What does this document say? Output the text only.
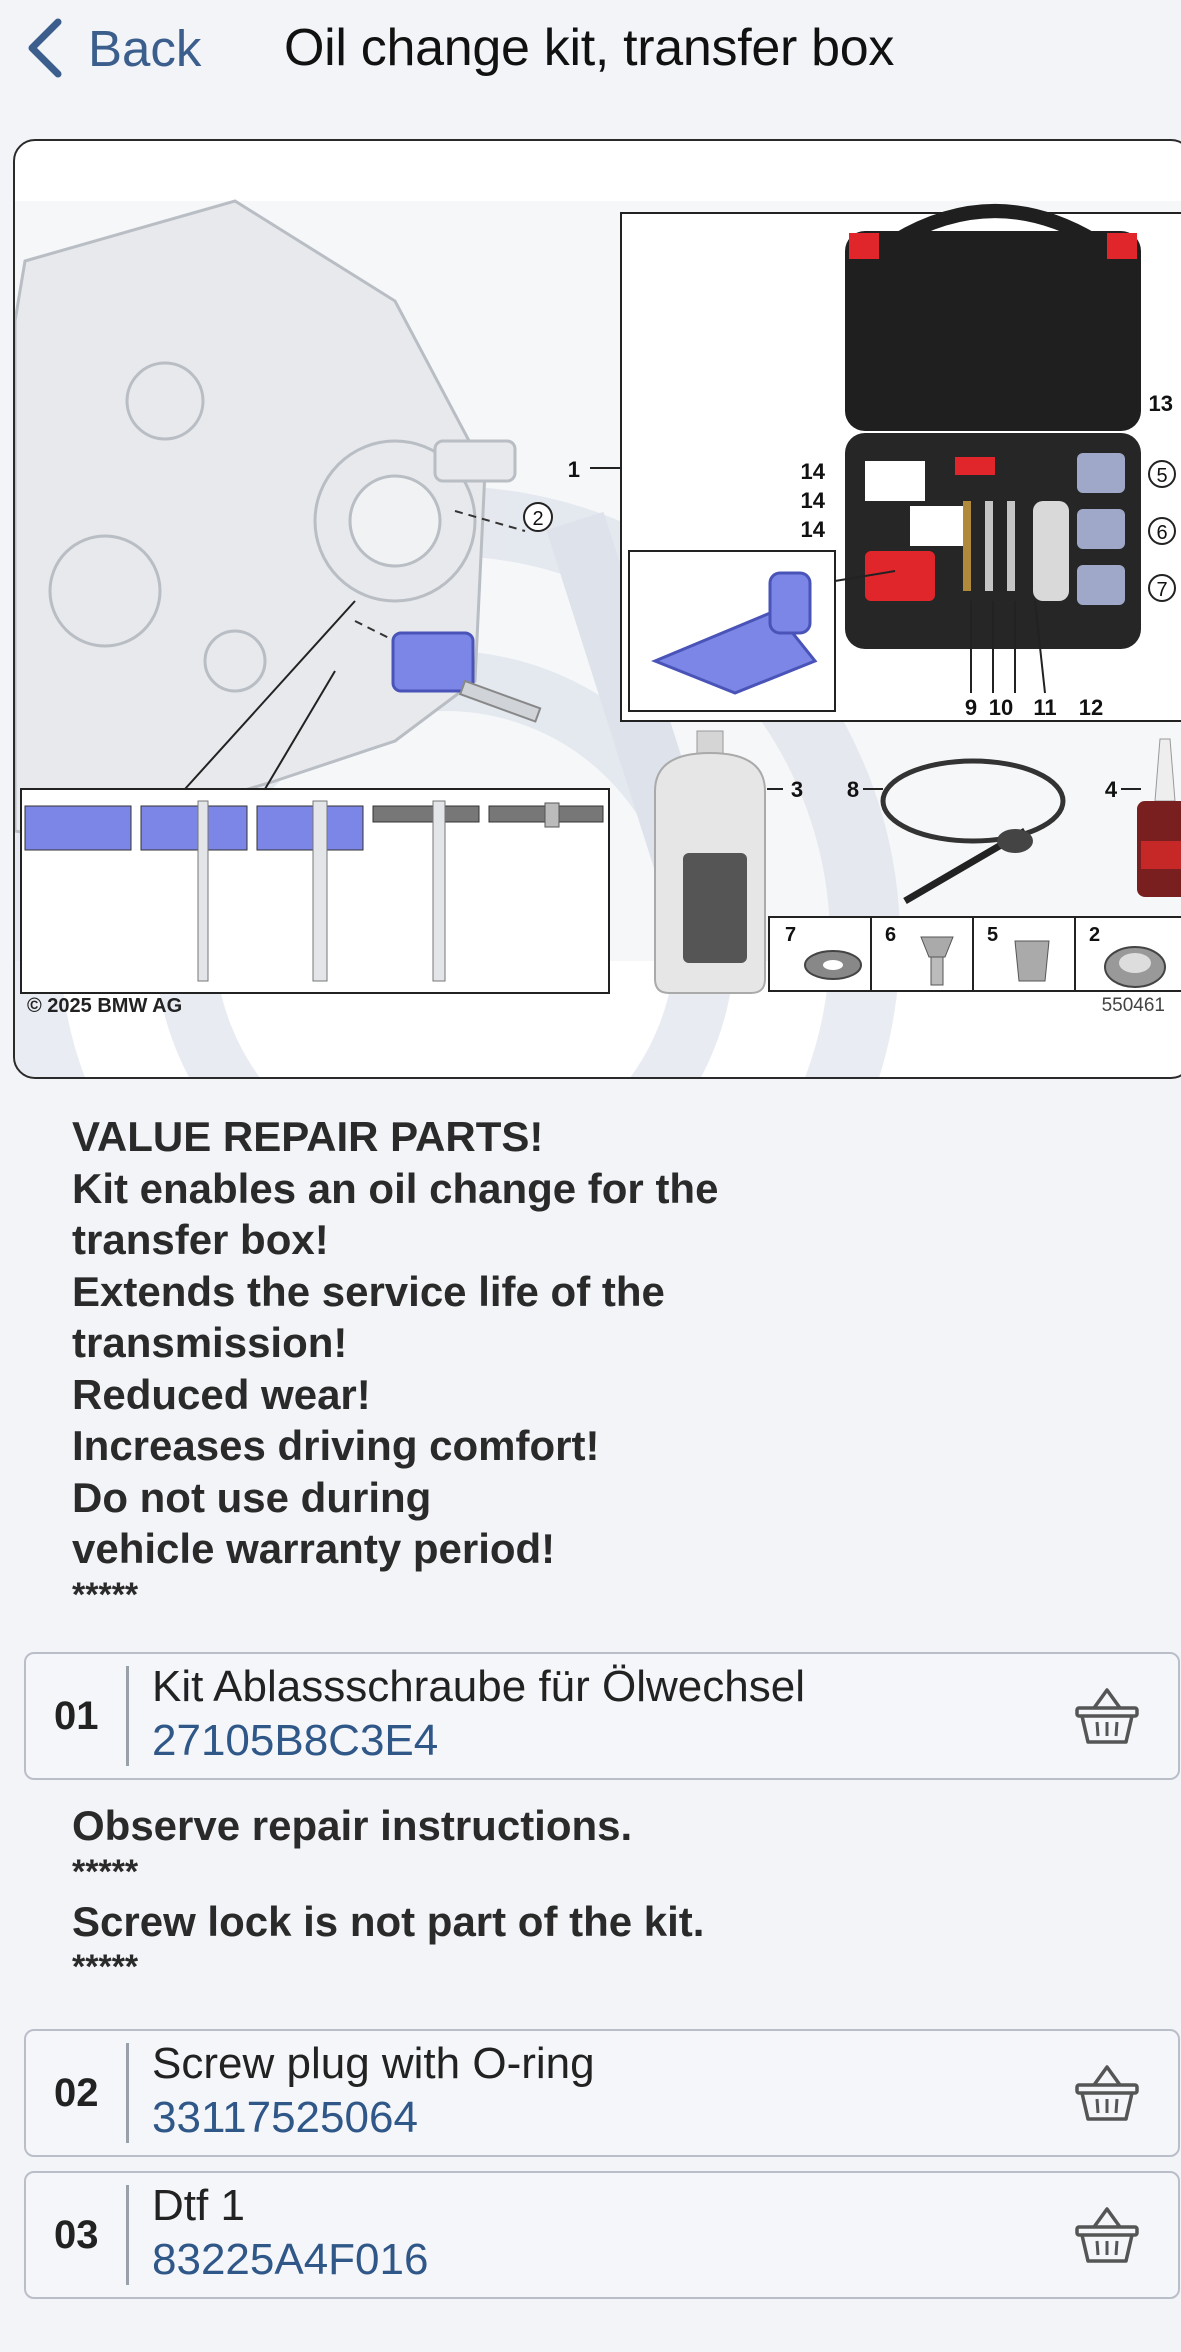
Back Oil change kit, transfer box
2
1
13
14
14
14
5
6
7
9 10 11 12
3 8	4
7	6	5	2
© 2025 BMW AG	550461
VALUE REPAIR PARTS!
Kit enables an oil change for the
transfer box!
Extends the service life of the
transmission!
Reduced wear!
Increases driving comfort!
Do not use during
vehicle warranty period!
*****
01
Kit Ablassschraube für Ölwechsel
27105B8C3E4
Observe repair instructions.
*****
Screw lock is not part of the kit.
*****
02
Screw plug with O-ring
33117525064
03
Dtf 1
83225A4F016
